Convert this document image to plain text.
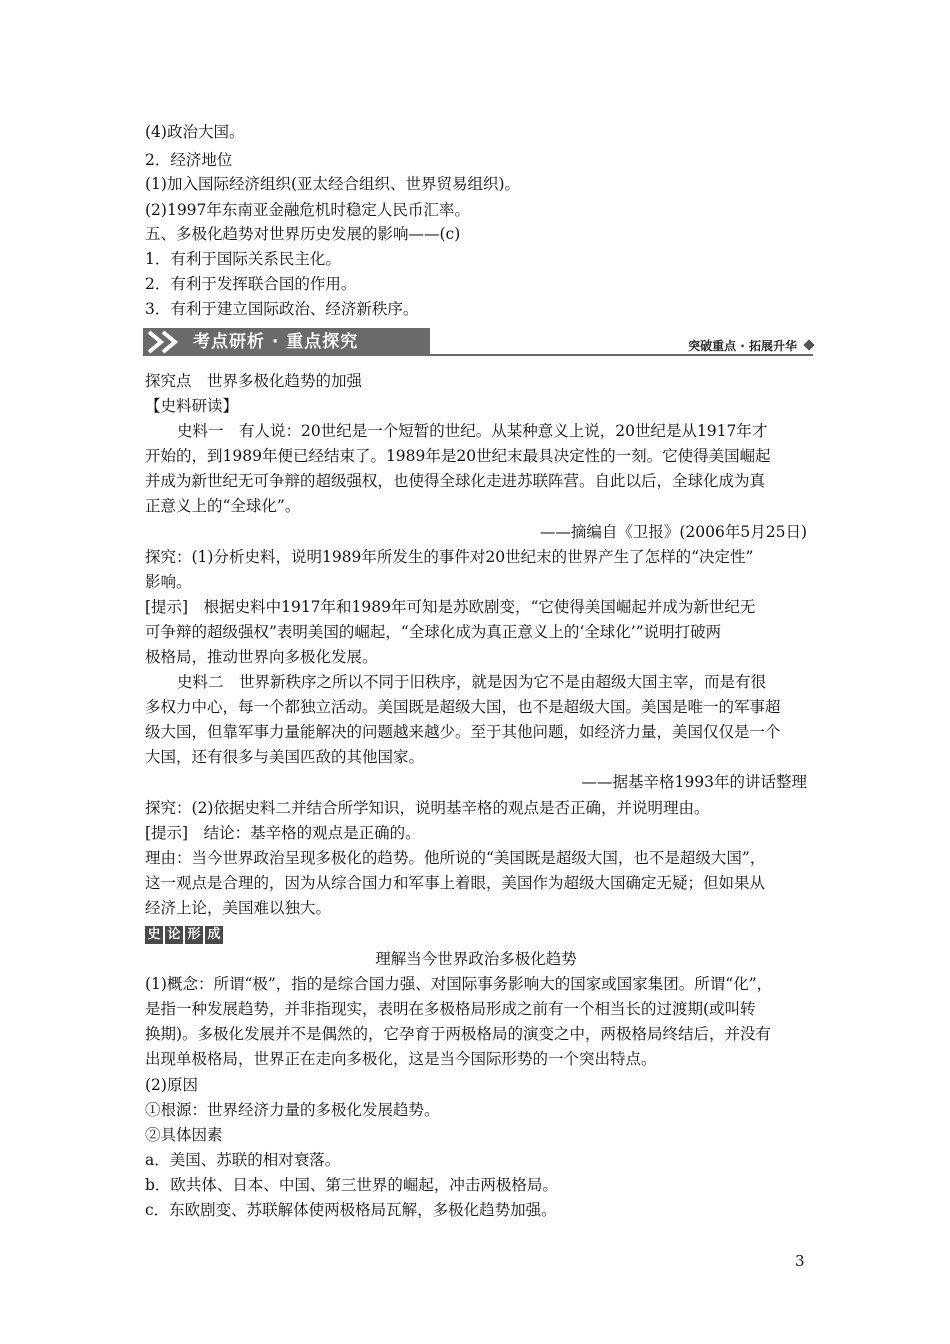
(4)政治大国。
2．经济地位
(1)加入国际经济组织(亚太经合组织、世界贸易组织)。
(2)1997年东南亚金融危机时稳定人民币汇率。
五、多极化趋势对世界历史发展的影响——(c)
1．有利于国际关系民主化。
2．有利于发挥联合国的作用。
3．有利于建立国际政治、经济新秩序。
考点研析 · 重点探究	突破重点 · 拓展升华
探究点　世界多极化趋势的加强
【史料研读】
史料一　有人说：20世纪是一个短暂的世纪。从某种意义上说，20世纪是从1917年才
开始的，到1989年便已经结束了。1989年是20世纪末最具决定性的一刻。它使得美国崛起
并成为新世纪无可争辩的超级强权，也使得全球化走进苏联阵营。自此以后，全球化成为真
正意义上的“全球化”。
——摘编自《卫报》(2006年5月25日)
探究：(1)分析史料，说明1989年所发生的事件对20世纪末的世界产生了怎样的“决定性”
影响。
[提示]　根据史料中1917年和1989年可知是苏欧剧变，“它使得美国崛起并成为新世纪无
可争辩的超级强权”表明美国的崛起，“全球化成为真正意义上的‘全球化’”说明打破两
极格局，推动世界向多极化发展。
史料二　世界新秩序之所以不同于旧秩序，就是因为它不是由超级大国主宰，而是有很
多权力中心，每一个都独立活动。美国既是超级大国，也不是超级大国。美国是唯一的军事超
级大国，但靠军事力量能解决的问题越来越少。至于其他问题，如经济力量，美国仅仅是一个
大国，还有很多与美国匹敌的其他国家。
——据基辛格1993年的讲话整理
探究：(2)依据史料二并结合所学知识，说明基辛格的观点是否正确，并说明理由。
[提示]　结论：基辛格的观点是正确的。
理由：当今世界政治呈现多极化的趋势。他所说的“美国既是超级大国，也不是超级大国”，
这一观点是合理的，因为从综合国力和军事上着眼，美国作为超级大国确定无疑；但如果从
经济上论，美国难以独大。
史 论 形 成
理解当今世界政治多极化趋势
(1)概念：所谓“极”，指的是综合国力强、对国际事务影响大的国家或国家集团。所谓“化”，
是指一种发展趋势，并非指现实，表明在多极格局形成之前有一个相当长的过渡期(或叫转
换期)。多极化发展并不是偶然的，它孕育于两极格局的演变之中，两极格局终结后，并没有
出现单极格局，世界正在走向多极化，这是当今国际形势的一个突出特点。
(2)原因
①根源：世界经济力量的多极化发展趋势。
②具体因素
a．美国、苏联的相对衰落。
b．欧共体、日本、中国、第三世界的崛起，冲击两极格局。
c．东欧剧变、苏联解体使两极格局瓦解，多极化趋势加强。
3
